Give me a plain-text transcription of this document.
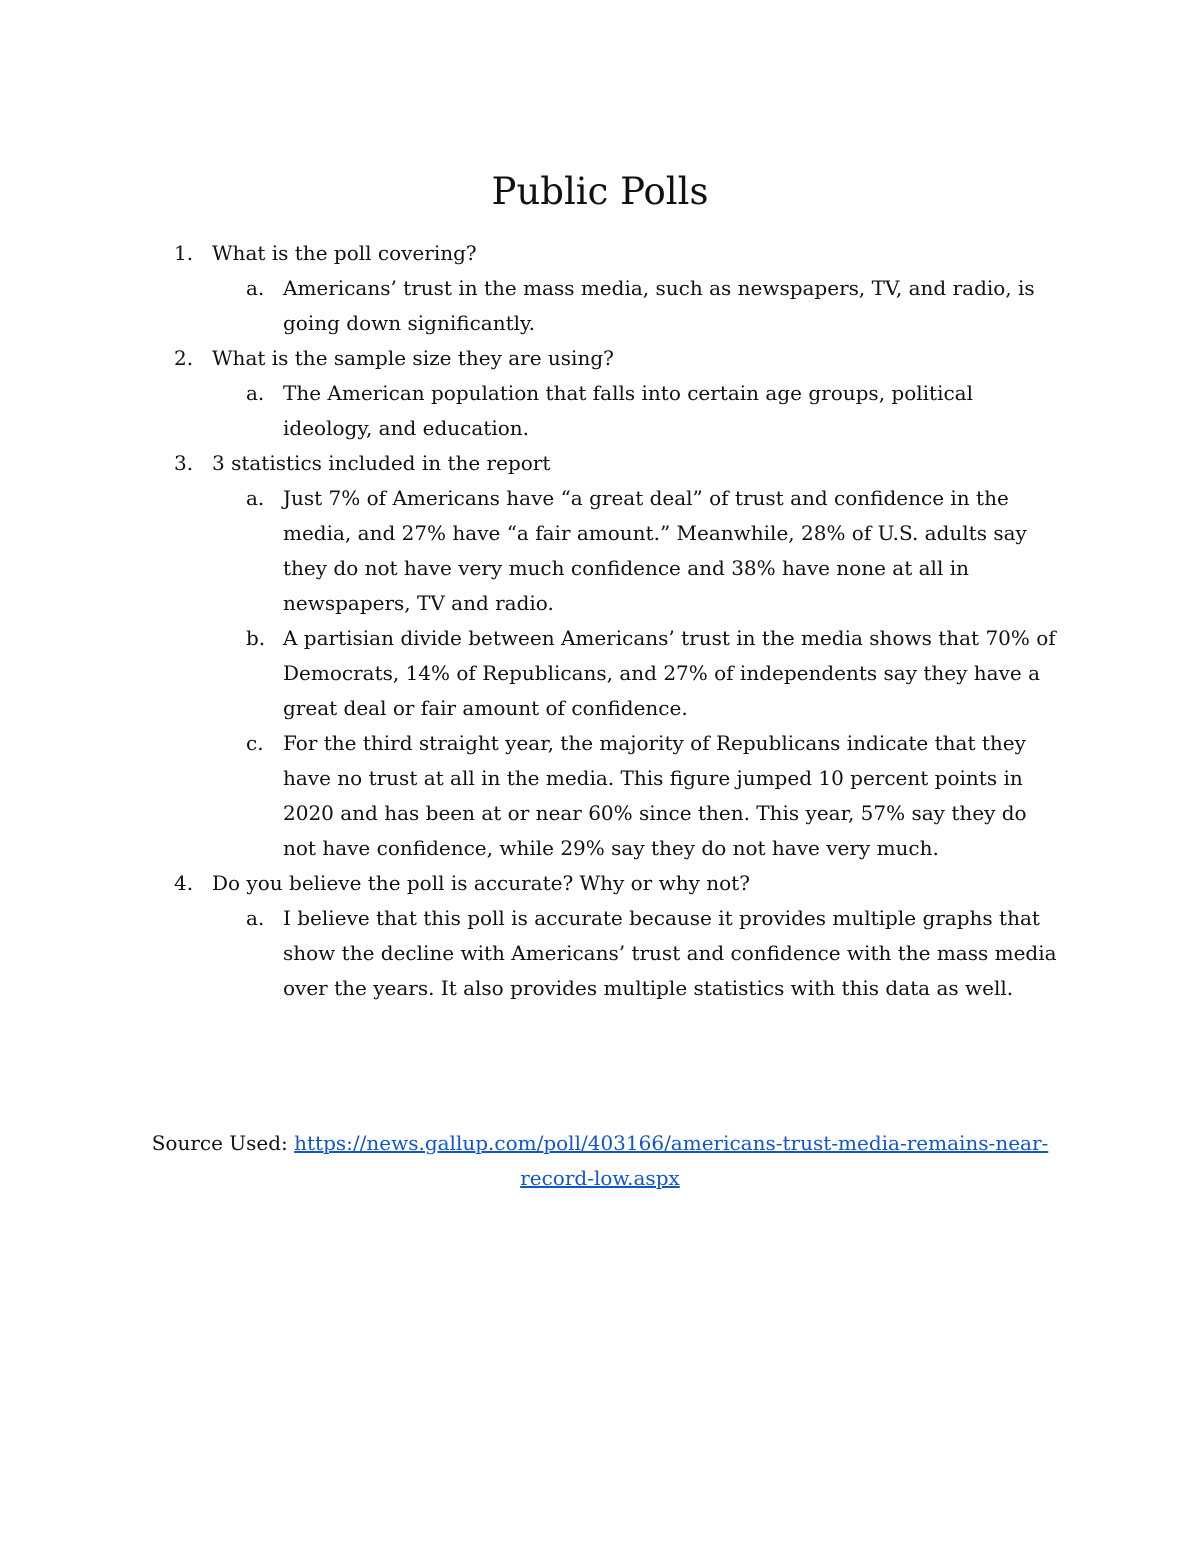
Public Polls
1. What is the poll covering?
a. Americans’ trust in the mass media, such as newspapers, TV, and radio, is going down significantly.
2. What is the sample size they are using?
a. The American population that falls into certain age groups, political ideology, and education.
3. 3 statistics included in the report
a. Just 7% of Americans have “a great deal” of trust and confidence in the media, and 27% have “a fair amount.” Meanwhile, 28% of U.S. adults say they do not have very much confidence and 38% have none at all in newspapers, TV and radio.
b. A partisian divide between Americans’ trust in the media shows that 70% of Democrats, 14% of Republicans, and 27% of independents say they have a great deal or fair amount of confidence.
c. For the third straight year, the majority of Republicans indicate that they have no trust at all in the media. This figure jumped 10 percent points in 2020 and has been at or near 60% since then. This year, 57% say they do not have confidence, while 29% say they do not have very much.
4. Do you believe the poll is accurate? Why or why not?
a. I believe that this poll is accurate because it provides multiple graphs that show the decline with Americans’ trust and confidence with the mass media over the years. It also provides multiple statistics with this data as well.

Source Used: https://news.gallup.com/poll/403166/americans-trust-media-remains-near-record-low.aspx
